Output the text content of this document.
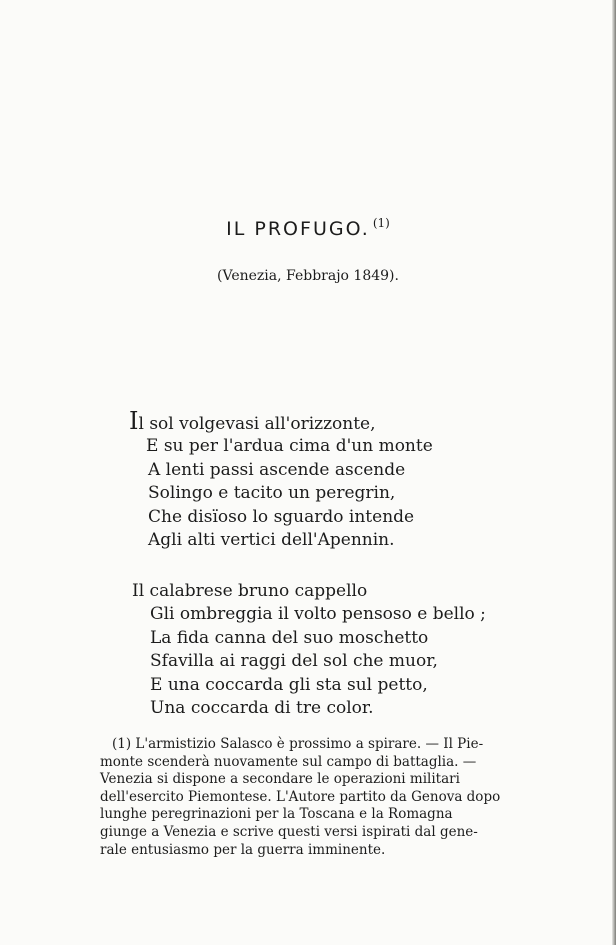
IL PROFUGO. $^{(1)}$
(Venezia, Febbrajo 1849).
Il sol volgevasi all'orizzonte,
E su per l'ardua cima d'un monte
A lenti passi ascende ascende
Solingo e tacito un peregrin,
Che disïoso lo sguardo intende
Agli alti vertici dell'Apennin.
Il calabrese bruno cappello
Gli ombreggia il volto pensoso e bello ;
La fida canna del suo moschetto
Sfavilla ai raggi del sol che muor,
E una coccarda gli sta sul petto,
Una coccarda di tre color.
(1) L'armistizio Salasco è prossimo a spirare. — Il Pie-
monte scenderà nuovamente sul campo di battaglia. —
Venezia si dispone a secondare le operazioni militari
dell'esercito Piemontese. L'Autore partito da Genova dopo
lunghe peregrinazioni per la Toscana e la Romagna
giunge a Venezia e scrive questi versi ispirati dal gene-
rale entusiasmo per la guerra imminente.
